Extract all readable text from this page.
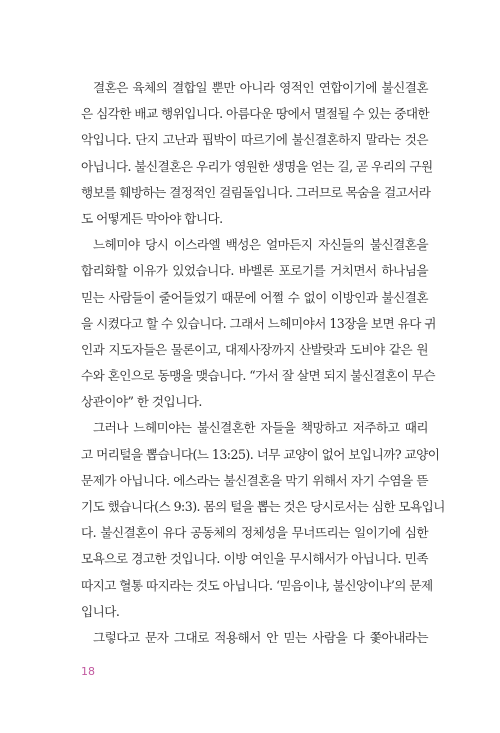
결혼은 육체의 결합일 뿐만 아니라 영적인 연합이기에 불신결혼
은 심각한 배교 행위입니다. 아름다운 땅에서 멸절될 수 있는 중대한
악입니다. 단지 고난과 핍박이 따르기에 불신결혼하지 말라는 것은
아닙니다. 불신결혼은 우리가 영원한 생명을 얻는 길, 곧 우리의 구원
행보를 훼방하는 결정적인 걸림돌입니다. 그러므로 목숨을 걸고서라
도 어떻게든 막아야 합니다.
느헤미야 당시 이스라엘 백성은 얼마든지 자신들의 불신결혼을
합리화할 이유가 있었습니다. 바벨론 포로기를 거치면서 하나님을
믿는 사람들이 줄어들었기 때문에 어쩔 수 없이 이방인과 불신결혼
을 시켰다고 할 수 있습니다. 그래서 느헤미야서 13장을 보면 유다 귀
인과 지도자들은 물론이고, 대제사장까지 산발랏과 도비야 같은 원
수와 혼인으로 동맹을 맺습니다. “가서 잘 살면 되지 불신결혼이 무슨
상관이야” 한 것입니다.
그러나 느헤미야는 불신결혼한 자들을 책망하고 저주하고 때리
고 머리털을 뽑습니다(느 13:25). 너무 교양이 없어 보입니까? 교양이
문제가 아닙니다. 에스라는 불신결혼을 막기 위해서 자기 수염을 뜯
기도 했습니다(스 9:3). 몸의 털을 뽑는 것은 당시로서는 심한 모욕입니
다. 불신결혼이 유다 공동체의 정체성을 무너뜨리는 일이기에 심한
모욕으로 경고한 것입니다. 이방 여인을 무시해서가 아닙니다. 민족
따지고 혈통 따지라는 것도 아닙니다. ‘믿음이냐, 불신앙이냐’의 문제
입니다.
그렇다고 문자 그대로 적용해서 안 믿는 사람을 다 쫓아내라는
18
